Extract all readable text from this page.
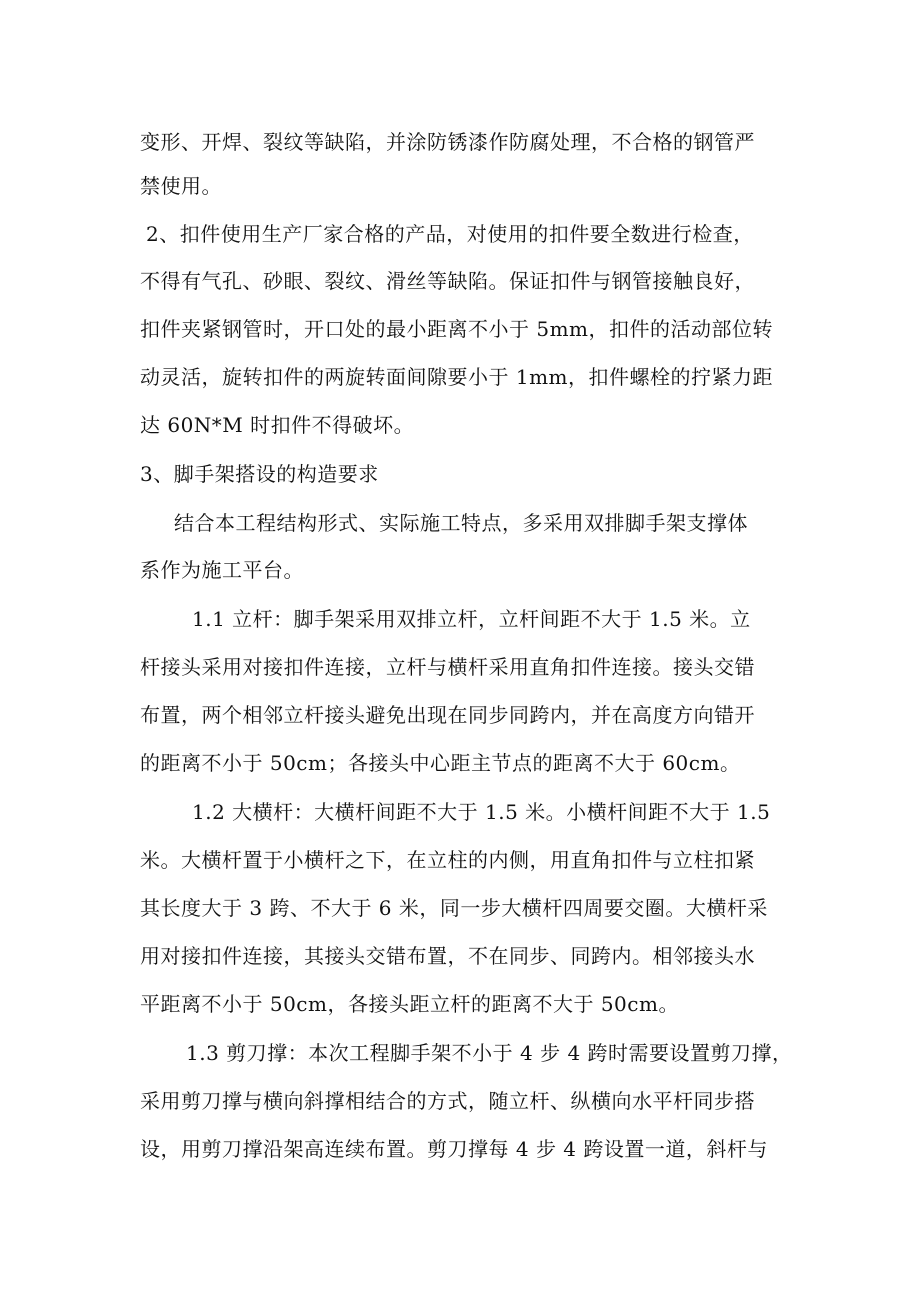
变形、开焊、裂纹等缺陷，并涂防锈漆作防腐处理，不合格的钢管严
禁使用。
2、扣件使用生产厂家合格的产品，对使用的扣件要全数进行检查，
不得有气孔、砂眼、裂纹、滑丝等缺陷。保证扣件与钢管接触良好，
扣件夹紧钢管时，开口处的最小距离不小于 5mm，扣件的活动部位转
动灵活，旋转扣件的两旋转面间隙要小于 1mm，扣件螺栓的拧紧力距
达 60N*M 时扣件不得破坏。
3、脚手架搭设的构造要求
结合本工程结构形式、实际施工特点，多采用双排脚手架支撑体
系作为施工平台。
1.1 立杆：脚手架采用双排立杆，立杆间距不大于 1.5 米。立
杆接头采用对接扣件连接，立杆与横杆采用直角扣件连接。接头交错
布置，两个相邻立杆接头避免出现在同步同跨内，并在高度方向错开
的距离不小于 50cm；各接头中心距主节点的距离不大于 60cm。
1.2 大横杆：大横杆间距不大于 1.5 米。小横杆间距不大于 1.5
米。大横杆置于小横杆之下，在立柱的内侧，用直角扣件与立柱扣紧
其长度大于 3 跨、不大于 6 米，同一步大横杆四周要交圈。大横杆采
用对接扣件连接，其接头交错布置，不在同步、同跨内。相邻接头水
平距离不小于 50cm，各接头距立杆的距离不大于 50cm。
1.3 剪刀撑：本次工程脚手架不小于 4 步 4 跨时需要设置剪刀撑，
采用剪刀撑与横向斜撑相结合的方式，随立杆、纵横向水平杆同步搭
设，用剪刀撑沿架高连续布置。剪刀撑每 4 步 4 跨设置一道，斜杆与
